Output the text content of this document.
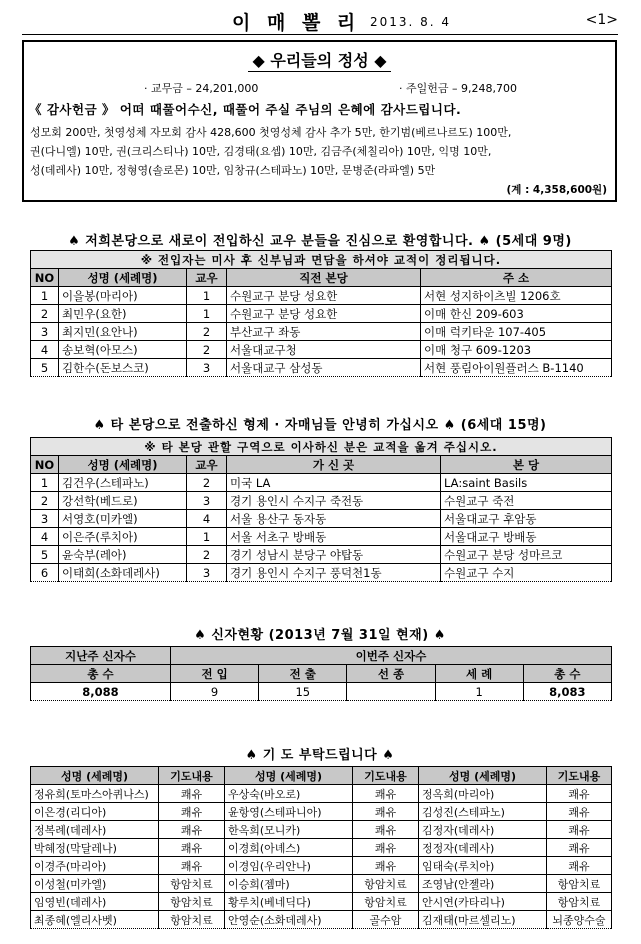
이 매 뽈 리 2013. 8. 4	<1>
◆ 우리들의 정성 ◆
· 교무금 – 24,201,000	· 주일헌금 – 9,248,700
《 감사헌금 》 어떠 때풀어수신, 때풀어 주실 주님의 은혜에 감사드립니다.
성모회 200만, 첫영성체 자모회 감사 428,600 첫영성체 감사 추가 5만, 한기범(베르나르도) 100만,
권(다니엘) 10만, 권(크리스티나) 10만, 김경태(요셉) 10만, 김금주(체칠리아) 10만, 익명 10만,
성(데레사) 10만, 정형영(솔로몬) 10만, 임창규(스테파노) 10만, 문병준(라파엘) 5만
(계 : 4,358,600원)
♠ 저희본당으로 새로이 전입하신 교우 분들을 진심으로 환영합니다. ♠ (5세대 9명)
※ 전입자는 미사 후 신부님과 면담을 하셔야 교적이 정리됩니다.				
NO	성명 (세례명)	교우	직전 본당	주 소
1	이을봉(마리아)	1	수원교구 분당 성요한	서현 성지하이츠빌 1206호
2	최민우(요한)	1	수원교구 분당 성요한	이매 한신 209-603
3	최지민(요안나)	2	부산교구 좌동	이매 럭키타운 107-405
4	송보혁(아모스)	2	서울대교구청	이매 청구 609-1203
5	김한수(돈보스코)	3	서울대교구 삼성동	서현 풍림아이원플러스 B-1140
♠ 타 본당으로 전출하신 형제 · 자매님들 안녕히 가십시오 ♠ (6세대 15명)
※ 타 본당 관할 구역으로 이사하신 분은 교적을 옮겨 주십시오.				
NO	성명 (세례명)	교우	가 신 곳	본 당
1	김건우(스테파노)	2	미국 LA	LA:saint Basils
2	강선학(베드로)	3	경기 용인시 수지구 죽전동	수원교구 죽전
3	서영호(미카엘)	4	서울 용산구 동자동	서울대교구 후암동
4	이은주(루치아)	1	서울 서초구 방배동	서울대교구 방배동
5	윤숙부(레아)	2	경기 성남시 분당구 야탑동	수원교구 분당 성마르코
6	이태희(소화데레사)	3	경기 용인시 수지구 풍덕천1동	수원교구 수지
♠ 신자현황 (2013년 7월 31일 현재) ♠
지난주 신자수	이번주 신자수				
총 수	전 입	전 출	선 종	세 례	총 수
8,088	9	15		1	8,083
♠ 기 도 부탁드립니다 ♠
성명 (세례명)	기도내용	성명 (세례명)	기도내용	성명 (세례명)	기도내용
정유희(토마스아퀴나스)	쾌유	우상숙(바오로)	쾌유	정옥희(마리아)	쾌유
이은경(리디아)	쾌유	윤항영(스테파니아)	쾌유	김성진(스테파노)	쾌유
정복례(데레사)	쾌유	한옥희(모니카)	쾌유	김정자(데레사)	쾌유
박혜정(막달레나)	쾌유	이경희(아녜스)	쾌유	정정자(데레사)	쾌유
이경주(마리아)	쾌유	이경임(우리안나)	쾌유	임태숙(루치아)	쾌유
이성철(미카엘)	항암치료	이승희(젬마)	항암치료	조영남(안젤라)	항암치료
임영빈(데레사)	항암치료	황루치(베네딕다)	항암치료	안시연(카타리나)	항암치료
최종혜(엘리사벳)	항암치료	안영순(소화데레사)	골수암	김재태(마르셀리노)	뇌종양수술
